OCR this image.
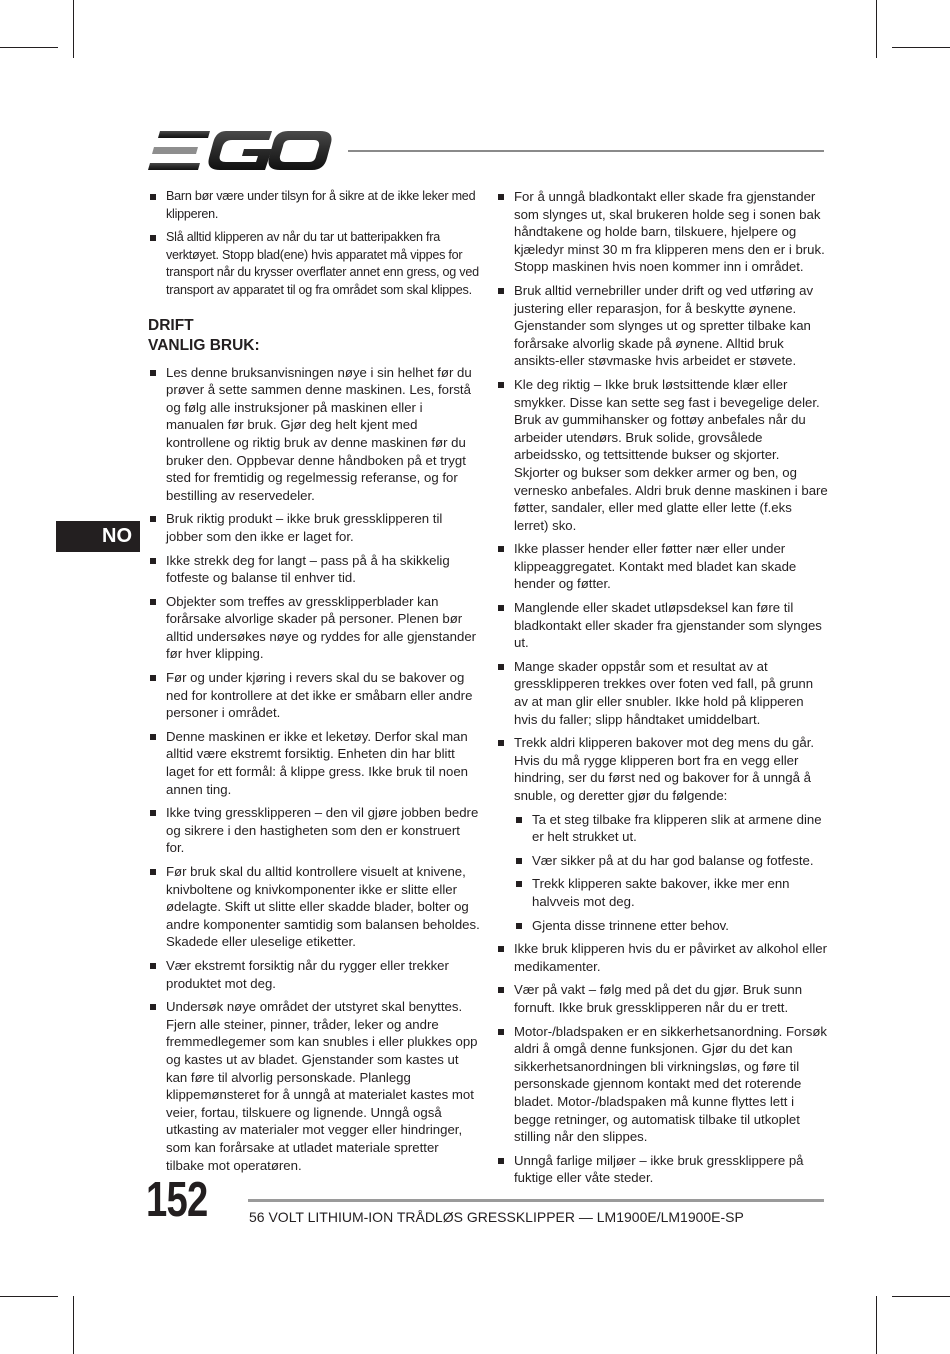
EGO
NO
Barn bør være under tilsyn for å sikre at de ikke leker med klipperen.
Slå alltid klipperen av når du tar ut batteripakken fra verktøyet. Stopp blad(ene) hvis apparatet må vippes for transport når du krysser overflater annet enn gress, og ved transport av apparatet til og fra området som skal klippes.
DRIFT
VANLIG BRUK:
Les denne bruksanvisningen nøye i sin helhet før du prøver å sette sammen denne maskinen. Les, forstå og følg alle instruksjoner på maskinen eller i manualen før bruk. Gjør deg helt kjent med kontrollene og riktig bruk av denne maskinen før du bruker den. Oppbevar denne håndboken på et trygt sted for fremtidig og regelmessig referanse, og for bestilling av reservedeler.
Bruk riktig produkt – ikke bruk gressklipperen til jobber som den ikke er laget for.
Ikke strekk deg for langt – pass på å ha skikkelig fotfeste og balanse til enhver tid.
Objekter som treffes av gressklipperblader kan forårsake alvorlige skader på personer. Plenen bør alltid undersøkes nøye og ryddes for alle gjenstander før hver klipping.
Før og under kjøring i revers skal du se bakover og ned for kontrollere at det ikke er småbarn eller andre personer i området.
Denne maskinen er ikke et leketøy. Derfor skal man alltid være ekstremt forsiktig. Enheten din har blitt laget for ett formål: å klippe gress. Ikke bruk til noen annen ting.
Ikke tving gressklipperen – den vil gjøre jobben bedre og sikrere i den hastigheten som den er konstruert for.
Før bruk skal du alltid kontrollere visuelt at knivene, knivboltene og knivkomponenter ikke er slitte eller ødelagte. Skift ut slitte eller skadde blader, bolter og andre komponenter samtidig som balansen beholdes. Skadede eller uleselige etiketter.
Vær ekstremt forsiktig når du rygger eller trekker produktet mot deg.
Undersøk nøye området der utstyret skal benyttes. Fjern alle steiner, pinner, tråder, leker og andre fremmedlegemer som kan snubles i eller plukkes opp og kastes ut av bladet. Gjenstander som kastes ut kan føre til alvorlig personskade. Planlegg klippemønsteret for å unngå at materialet kastes mot veier, fortau, tilskuere og lignende. Unngå også utkasting av materialer mot vegger eller hindringer, som kan forårsake at utladet materiale spretter tilbake mot operatøren.
For å unngå bladkontakt eller skade fra gjenstander som slynges ut, skal brukeren holde seg i sonen bak håndtakene og holde barn, tilskuere, hjelpere og kjæledyr minst 30 m fra klipperen mens den er i bruk. Stopp maskinen hvis noen kommer inn i området.
Bruk alltid vernebriller under drift og ved utføring av justering eller reparasjon, for å beskytte øynene. Gjenstander som slynges ut og spretter tilbake kan forårsake alvorlig skade på øynene. Alltid bruk ansikts-eller støvmaske hvis arbeidet er støvete.
Kle deg riktig – Ikke bruk løstsittende klær eller smykker. Disse kan sette seg fast i bevegelige deler. Bruk av gummihansker og fottøy anbefales når du arbeider utendørs. Bruk solide, grovsålede arbeidssko, og tettsittende bukser og skjorter. Skjorter og bukser som dekker armer og ben, og vernesko anbefales. Aldri bruk denne maskinen i bare føtter, sandaler, eller med glatte eller lette (f.eks lerret) sko.
Ikke plasser hender eller føtter nær eller under klippeaggregatet. Kontakt med bladet kan skade hender og føtter.
Manglende eller skadet utløpsdeksel kan føre til bladkontakt eller skader fra gjenstander som slynges ut.
Mange skader oppstår som et resultat av at gressklipperen trekkes over foten ved fall, på grunn av at man glir eller snubler. Ikke hold på klipperen hvis du faller; slipp håndtaket umiddelbart.
Trekk aldri klipperen bakover mot deg mens du går. Hvis du må rygge klipperen bort fra en vegg eller hindring, ser du først ned og bakover for å unngå å snuble, og deretter gjør du følgende:
Ta et steg tilbake fra klipperen slik at armene dine er helt strukket ut.
Vær sikker på at du har god balanse og fotfeste.
Trekk klipperen sakte bakover, ikke mer enn halvveis mot deg.
Gjenta disse trinnene etter behov.
Ikke bruk klipperen hvis du er påvirket av alkohol eller medikamenter.
Vær på vakt – følg med på det du gjør. Bruk sunn fornuft. Ikke bruk gressklipperen når du er trett.
Motor-/bladspaken er en sikkerhetsanordning. Forsøk aldri å omgå denne funksjonen. Gjør du det kan sikkerhetsanordningen bli virkningsløs, og føre til personskade gjennom kontakt med det roterende bladet. Motor-/bladspaken må kunne flyttes lett i begge retninger, og automatisk tilbake til utkoplet stilling når den slippes.
Unngå farlige miljøer – ikke bruk gressklippere på fuktige eller våte steder.
152	56 VOLT LITHIUM-ION TRÅDLØS GRESSKLIPPER — LM1900E/LM1900E-SP
